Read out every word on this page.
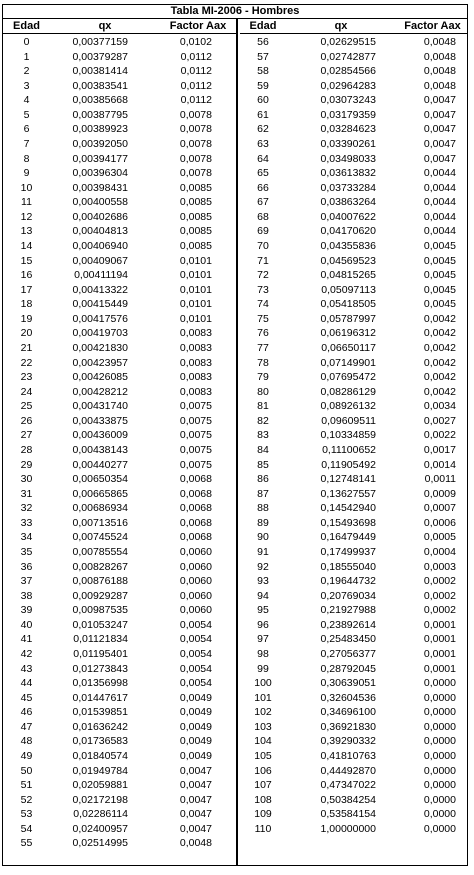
Tabla MI-2006 - Hombres
Edad	qx	Factor Aax
0	0,00377159	0,0102
1	0,00379287	0,0112
2	0,00381414	0,0112
3	0,00383541	0,0112
4	0,00385668	0,0112
5	0,00387795	0,0078
6	0,00389923	0,0078
7	0,00392050	0,0078
8	0,00394177	0,0078
9	0,00396304	0,0078
10	0,00398431	0,0085
11	0,00400558	0,0085
12	0,00402686	0,0085
13	0,00404813	0,0085
14	0,00406940	0,0085
15	0,00409067	0,0101
16	0,00411194	0,0101
17	0,00413322	0,0101
18	0,00415449	0,0101
19	0,00417576	0,0101
20	0,00419703	0,0083
21	0,00421830	0,0083
22	0,00423957	0,0083
23	0,00426085	0,0083
24	0,00428212	0,0083
25	0,00431740	0,0075
26	0,00433875	0,0075
27	0,00436009	0,0075
28	0,00438143	0,0075
29	0,00440277	0,0075
30	0,00650354	0,0068
31	0,00665865	0,0068
32	0,00686934	0,0068
33	0,00713516	0,0068
34	0,00745524	0,0068
35	0,00785554	0,0060
36	0,00828267	0,0060
37	0,00876188	0,0060
38	0,00929287	0,0060
39	0,00987535	0,0060
40	0,01053247	0,0054
41	0,01121834	0,0054
42	0,01195401	0,0054
43	0,01273843	0,0054
44	0,01356998	0,0054
45	0,01447617	0,0049
46	0,01539851	0,0049
47	0,01636242	0,0049
48	0,01736583	0,0049
49	0,01840574	0,0049
50	0,01949784	0,0047
51	0,02059881	0,0047
52	0,02172198	0,0047
53	0,02286114	0,0047
54	0,02400957	0,0047
55	0,02514995	0,0048
Edad	qx	Factor Aax
56	0,02629515	0,0048
57	0,02742877	0,0048
58	0,02854566	0,0048
59	0,02964283	0,0048
60	0,03073243	0,0047
61	0,03179359	0,0047
62	0,03284623	0,0047
63	0,03390261	0,0047
64	0,03498033	0,0047
65	0,03613832	0,0044
66	0,03733284	0,0044
67	0,03863264	0,0044
68	0,04007622	0,0044
69	0,04170620	0,0044
70	0,04355836	0,0045
71	0,04569523	0,0045
72	0,04815265	0,0045
73	0,05097113	0,0045
74	0,05418505	0,0045
75	0,05787997	0,0042
76	0,06196312	0,0042
77	0,06650117	0,0042
78	0,07149901	0,0042
79	0,07695472	0,0042
80	0,08286129	0,0042
81	0,08926132	0,0034
82	0,09609511	0,0027
83	0,10334859	0,0022
84	0,11100652	0,0017
85	0,11905492	0,0014
86	0,12748141	0,0011
87	0,13627557	0,0009
88	0,14542940	0,0007
89	0,15493698	0,0006
90	0,16479449	0,0005
91	0,17499937	0,0004
92	0,18555040	0,0003
93	0,19644732	0,0002
94	0,20769034	0,0002
95	0,21927988	0,0002
96	0,23892614	0,0001
97	0,25483450	0,0001
98	0,27056377	0,0001
99	0,28792045	0,0001
100	0,30639051	0,0000
101	0,32604536	0,0000
102	0,34696100	0,0000
103	0,36921830	0,0000
104	0,39290332	0,0000
105	0,41810763	0,0000
106	0,44492870	0,0000
107	0,47347022	0,0000
108	0,50384254	0,0000
109	0,53584154	0,0000
110	1,00000000	0,0000
